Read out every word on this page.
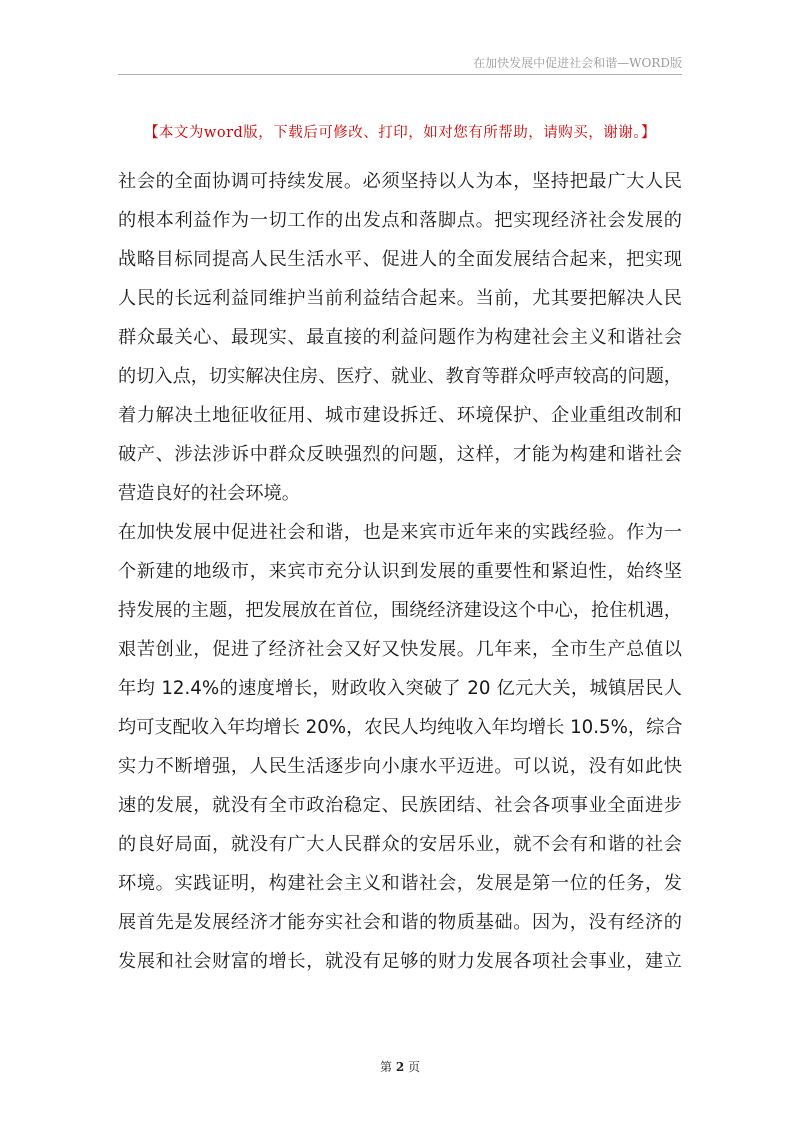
在加快发展中促进社会和谐—WORD版
【本文为word版，下载后可修改、打印，如对您有所帮助，请购买，谢谢。】
社会的全面协调可持续发展。必须坚持以人为本，坚持把最广大人民
的根本利益作为一切工作的出发点和落脚点。把实现经济社会发展的
战略目标同提高人民生活水平、促进人的全面发展结合起来，把实现
人民的长远利益同维护当前利益结合起来。当前，尤其要把解决人民
群众最关心、最现实、最直接的利益问题作为构建社会主义和谐社会
的切入点，切实解决住房、医疗、就业、教育等群众呼声较高的问题，
着力解决土地征收征用、城市建设拆迁、环境保护、企业重组改制和
破产、涉法涉诉中群众反映强烈的问题，这样，才能为构建和谐社会
营造良好的社会环境。
在加快发展中促进社会和谐，也是来宾市近年来的实践经验。作为一
个新建的地级市，来宾市充分认识到发展的重要性和紧迫性，始终坚
持发展的主题，把发展放在首位，围绕经济建设这个中心，抢住机遇，
艰苦创业，促进了经济社会又好又快发展。几年来，全市生产总值以
年均 12.4%的速度增长，财政收入突破了 20 亿元大关，城镇居民人
均可支配收入年均增长 20%，农民人均纯收入年均增长 10.5%，综合
实力不断增强，人民生活逐步向小康水平迈进。可以说，没有如此快
速的发展，就没有全市政治稳定、民族团结、社会各项事业全面进步
的良好局面，就没有广大人民群众的安居乐业，就不会有和谐的社会
环境。实践证明，构建社会主义和谐社会，发展是第一位的任务，发
展首先是发展经济才能夯实社会和谐的物质基础。因为，没有经济的
发展和社会财富的增长，就没有足够的财力发展各项社会事业，建立
第 2 页
